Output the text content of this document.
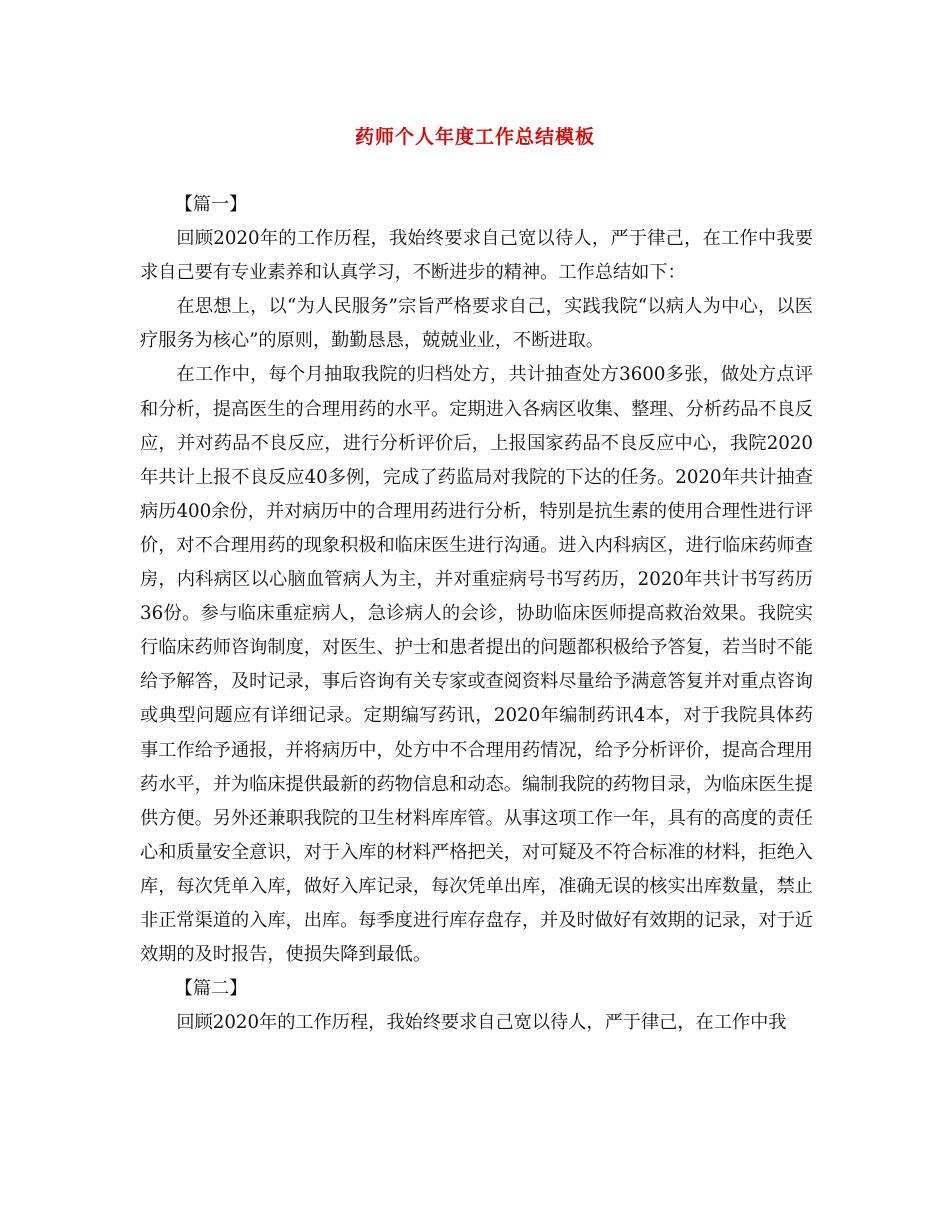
药师个人年度工作总结模板

【篇一】

回顾2020年的工作历程，我始终要求自己宽以待人，严于律己，在工作中我要求自己要有专业素养和认真学习，不断进步的精神。工作总结如下：

在思想上，以“为人民服务”宗旨严格要求自己，实践我院“以病人为中心，以医疗服务为核心”的原则，勤勤恳恳，兢兢业业，不断进取。

在工作中，每个月抽取我院的归档处方，共计抽查处方3600多张，做处方点评和分析，提高医生的合理用药的水平。定期进入各病区收集、整理、分析药品不良反应，并对药品不良反应，进行分析评价后，上报国家药品不良反应中心，我院2020年共计上报不良反应40多例，完成了药监局对我院的下达的任务。2020年共计抽查病历400余份，并对病历中的合理用药进行分析，特别是抗生素的使用合理性进行评价，对不合理用药的现象积极和临床医生进行沟通。进入内科病区，进行临床药师查房，内科病区以心脑血管病人为主，并对重症病号书写药历，2020年共计书写药历36份。参与临床重症病人，急诊病人的会诊，协助临床医师提高救治效果。我院实行临床药师咨询制度，对医生、护士和患者提出的问题都积极给予答复，若当时不能给予解答，及时记录，事后咨询有关专家或查阅资料尽量给予满意答复并对重点咨询或典型问题应有详细记录。定期编写药讯，2020年编制药讯4本，对于我院具体药事工作给予通报，并将病历中，处方中不合理用药情况，给予分析评价，提高合理用药水平，并为临床提供最新的药物信息和动态。编制我院的药物目录，为临床医生提供方便。另外还兼职我院的卫生材料库库管。从事这项工作一年，具有的高度的责任心和质量安全意识，对于入库的材料严格把关，对可疑及不符合标准的材料，拒绝入库，每次凭单入库，做好入库记录，每次凭单出库，准确无误的核实出库数量，禁止非正常渠道的入库，出库。每季度进行库存盘存，并及时做好有效期的记录，对于近效期的及时报告，使损失降到最低。

【篇二】

回顾2020年的工作历程，我始终要求自己宽以待人，严于律己，在工作中我
